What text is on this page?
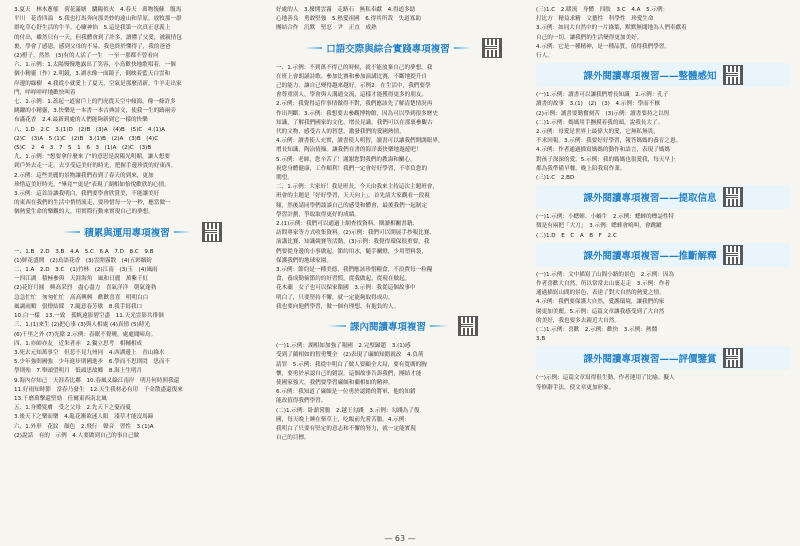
3.夏天　林木蔥郁　荷花滿塘　驕陽似火　4.春天　萬物復蘇　腹馬
平川　花香四溢　5.我也打馬奔向那美妙的遠山和草原，放牧那一群
群吃草心舒生活的牛羊。心曠神怡　5.這是我第一次真正意義上
的付出，雖然只有一天，但我體會到了許多，讀懂了父愛，被親情包
裹，學會了感恩，感到父母的不易。我也終於懂得了，我的爸爸
(2)橙子，然然　(3)有的人活了一生　一至一那都不曾看向
六、1.示例：1.太陽慢慢地露出了笑容，小鳥歡快地歌唱着，一個
個小精靈（作）2.明鏡，3.湖水像一面鏡子，倒映着藍天白雲和
岸邊的綠樹　4.我從小就愛上了夏天，空氣是那麼清新，牛羊走出家
門，咩咩咩咩地歡快叫着
七、1.示例：1.蓋起一道窗戶上的門虎從天空中傾瀉，像一條許多
跳躍的小精靈，3.快樂是一本書一本古典詩文，使我一生的路兩旁
布滿花香　2.4.最新到處的人們能夠新到它一樣的快樂
八、1.D　2.C　3.(1)D　(2)B　(3)A　(4)B　(5)C　4.(1)A
(2)C　(3)A　5.(1)C　(2)B　3.(1)B　(2)A　(3)B　(4)C
(5)C　2　4　3　7　5　1　6　3　(1)A　(2)C　(3)B
九、1.示例："想要拿什麼來了"的意思是說陽光明媚，讓人想要
到戶外去走一走，去享受這美好的時光，把握手邊珍貴的好東西。
2.示例：這些美麗的景物讓我們看到了春天的到來，更加
珍惜這美好時光。"畢竟""更是"表現了湖相如怡悅歡欣的心情。
3.示例：這首詩讓我明白，我們要學會欣賞美，不能讓美好
的東西在我們的生活中悄悄流走，要珍惜每一分一秒，應當做一
個熱愛生命的樂觀的人，用實際行動來實現自己的夢想。
積累與運用專項複習
一、1.B　2.D　3.B　4.A　5.C　6.A　7.D　8.C　9.B
(1)鮮花盛開　(2)鳥語花香　(3)雲開霧散　(4)五彩繽紛
二、1.A　2.D　3.C　(1)竹林　(2)江南　(3)玉　(4)風雨
一四江湖　積極參與　天涯海角　風和日麗　萬紫千紅
(2)花好月圓　興高采烈　盡心盡力　喜氣洋洋　朝氣蓬勃
急急忙忙　匆匆忙忙　高高興興　歡歡喜喜　明明白白
風調雨順　張燈結綵　7.隨意春芳歇　8.我手寫我口
10.白一樣　13.一致　孤帆遠影碧空盡　11.天光雲影共徘徊
三、1.(1)來生 (2)把心事 (3)與人相處 (4)真情 (5)時光
(6)千里之外 (7)光陰 2.示例：春眠不覺曉，處處聞啼鳥。
四、1.亦師亦友　近朱者赤　2.獨立思考　相輔相成
3.死去元知萬事空　但悲不見九州同　4.西湖邊上　青山綠水
5.少年強則國強　少年進步則國進步　6.學而不思則罔　思而不
學則殆　7.舉頭望明月　低頭思故鄉　8.海上生明月
9.海內存知己　天涯若比鄰　10.春風又綠江南岸　明月何時照我還
11.好雨知時節　當春乃發生　12.天生我材必有用　千金散盡還復來
13.千磨萬擊還堅勁　任爾東西南北風
五、1.身體髮膚　受之父母　2.先天下之憂而憂
3.後天下之樂而樂　4.亂花漸欲迷人眼　淺草才能沒馬蹄
六、1.外形　花紋　顏色　2.飛行　聲音　習性　3.(1)A
(2)說話　有的　示例　4.人要做到自己的事自己做
好處的人　3.撥開雲霧　走路石　無私奉獻　4.得道多助
心地善良　勇敢堅強　5.熱愛祖國　6.得其所哉　失道寡助
團結合作　沉默　堅忍　尹　正直　成熟
口語交際與綜合實踐專項複習
一、1.示例：不到萬不得已的時候，就不能放棄自己的夢想，我
在班上會朗誦詩歌、參加比賽和參加演講比賽，不斷地提升自
己的能力，讓自己變得越來越好。示例2：在生活中，我們要學
會尊重別人，學會與人溝通交流，這樣才能獲得更多的朋友。
2.示例：我覺得這件事情做得不對，我們應該先了解清楚情況再
作出判斷。3.示例：我想要去參觀博物館，因為可以學到很多歷史
知識，了解我們國家的文化，增長見識。我們可以在那裏參觀古
代的文物，感受古人的智慧，激發我們的愛國熱情。
4.示例：讀書使人充實，讀書使人明智，讀書可以讓我們開闊眼界，
增長知識，陶冶情操。讓我們在書的海洋裏快樂地遨遊吧！
5.示例：老師，您辛苦了！謝謝您對我們的教誨和關心，
祝您身體健康，工作順利！我們一定會好好學習，不辜負您的
期望。
二、1.示例：大家好！我是班長，今天由我來主持這次主題班會，
班會的主題是「好好學習，天天向上」。首先請大家觀看一段視
頻，然後請同學們談談自己的感受和體會，最後我們一起制定
學習計劃，爭取取得更好的成績。
2.(1)示例：我們可以通過上網查找資料、閱讀相關書籍、
訪問專家等方式收集資料。(2)示例：我們可以開展手抄報比賽、
演講比賽、知識競賽等活動。(3)示例：我覺得環保很重要，我
們要從身邊的小事做起，節約用水，隨手關燈，少用塑料袋，
保護我們的地球家園。
3.示例：節約是一種美德，我們應該珍惜糧食，不浪費每一粒糧
食，養成勤儉節約的好習慣，從我做起，從現在做起。
花木蘭　女子也可以保家衞國　3.示例：我從這個故事中
明白了，只要堅持不懈，就一定能夠取得成功。
我也要向他們學習，做一個有理想、有抱負的人。
課內閱讀專項複習
(一)1.示例：湖相如加強了報國　2.完璧歸趙　3.(1)感
受到了藺相如的智勇雙全　(2)表現了廉頗知錯就改　4.負荊
請罪　5.示例：我從中明白了做人要顧全大局，要有寬廣的胸
懷，要勇於承認自己的錯誤。這個故事告訴我們，團結才能
使國家強大，我們要學習廉頗和藺相如的精神。
6.示例：我知道了廉頗是一位勇於認錯的將軍，他的知錯
能改值得我們學習。
(二)1.示例：卧薪嘗膽　2.越王勾踐　3.示例：勾踐為了復
國，每天晚上睡在柴草上，吃飯前先嘗苦膽。4.示例：
我明白了只要有堅定的意志和不懈的努力，就一定能實現
自己的目標。
(三)1.C　2.暖流　身體　四肢　3.C　4.A　5.示例：
打比方　精益求精　文藝性　科學性　珍愛生命
3.示例：如同大自然中的一片綠葉，默默無聞地為人們奉獻着
自己的一切，讓我們的生活變得更加美好。
4.示例：它是一種精神，是一種品質，值得我們學習。
行人。
課外閱讀專項複習——整體感知
(一)1.示例：讀書可以讓我們增長知識　2.示例：孔子
讀書的故事　3.(1)　(2)　(3)　4.示例：學而不厭
(2)示例：讀書要勤奮刻苦　(3)示例：讀書要持之以恆
(二)1.示例：媽媽用手撫摸着我的頭，說我長大了。
2.示例：母愛是世界上最偉大的愛，它無私無畏，
不求回報。3.示例：我要好好學習，報答媽媽的養育之恩。
4.示例：作者通過描寫媽媽的動作和語言，表現了媽媽
對孩子深深的愛。5.示例：我的媽媽也很愛我，每天早上
都為我準備早餐，晚上陪我寫作業。
(三)1.C　2.BD
課外閱讀專項複習——提取信息
(一)1.示例：小蟋蟀、小蝸牛　2.示例：蟋蟀的標誌性特
徵是有兩把「大刀」　3.示例：蟋蟀會鳴叫，會跳躍
(二)1.D　E　C　A　B　F　2.C
課外閱讀專項複習——推斷解釋
(一)1.示例：文中描寫了山間小路的景色　2.示例：因為
作者喜歡大自然，所以常常去山裏走走　3.示例：作者
通過描寫山間的景色，表達了對大自然的熱愛之情。
4.示例：我們要保護大自然，愛護環境，讓我們的家
園更加美麗。5.示例：這篇文章讓我感受到了大自然
的美好，我也要多去親近大自然。
(二)1.示例：喜歡　2.示例：歡快　3.示例：熱鬧
3.B
課外閱讀專項複習——評價鑒賞
(一)示例：這篇文章寫得很生動，作者運用了比喻、擬人
等修辭手法，使文章更加形象。
— 63 —
